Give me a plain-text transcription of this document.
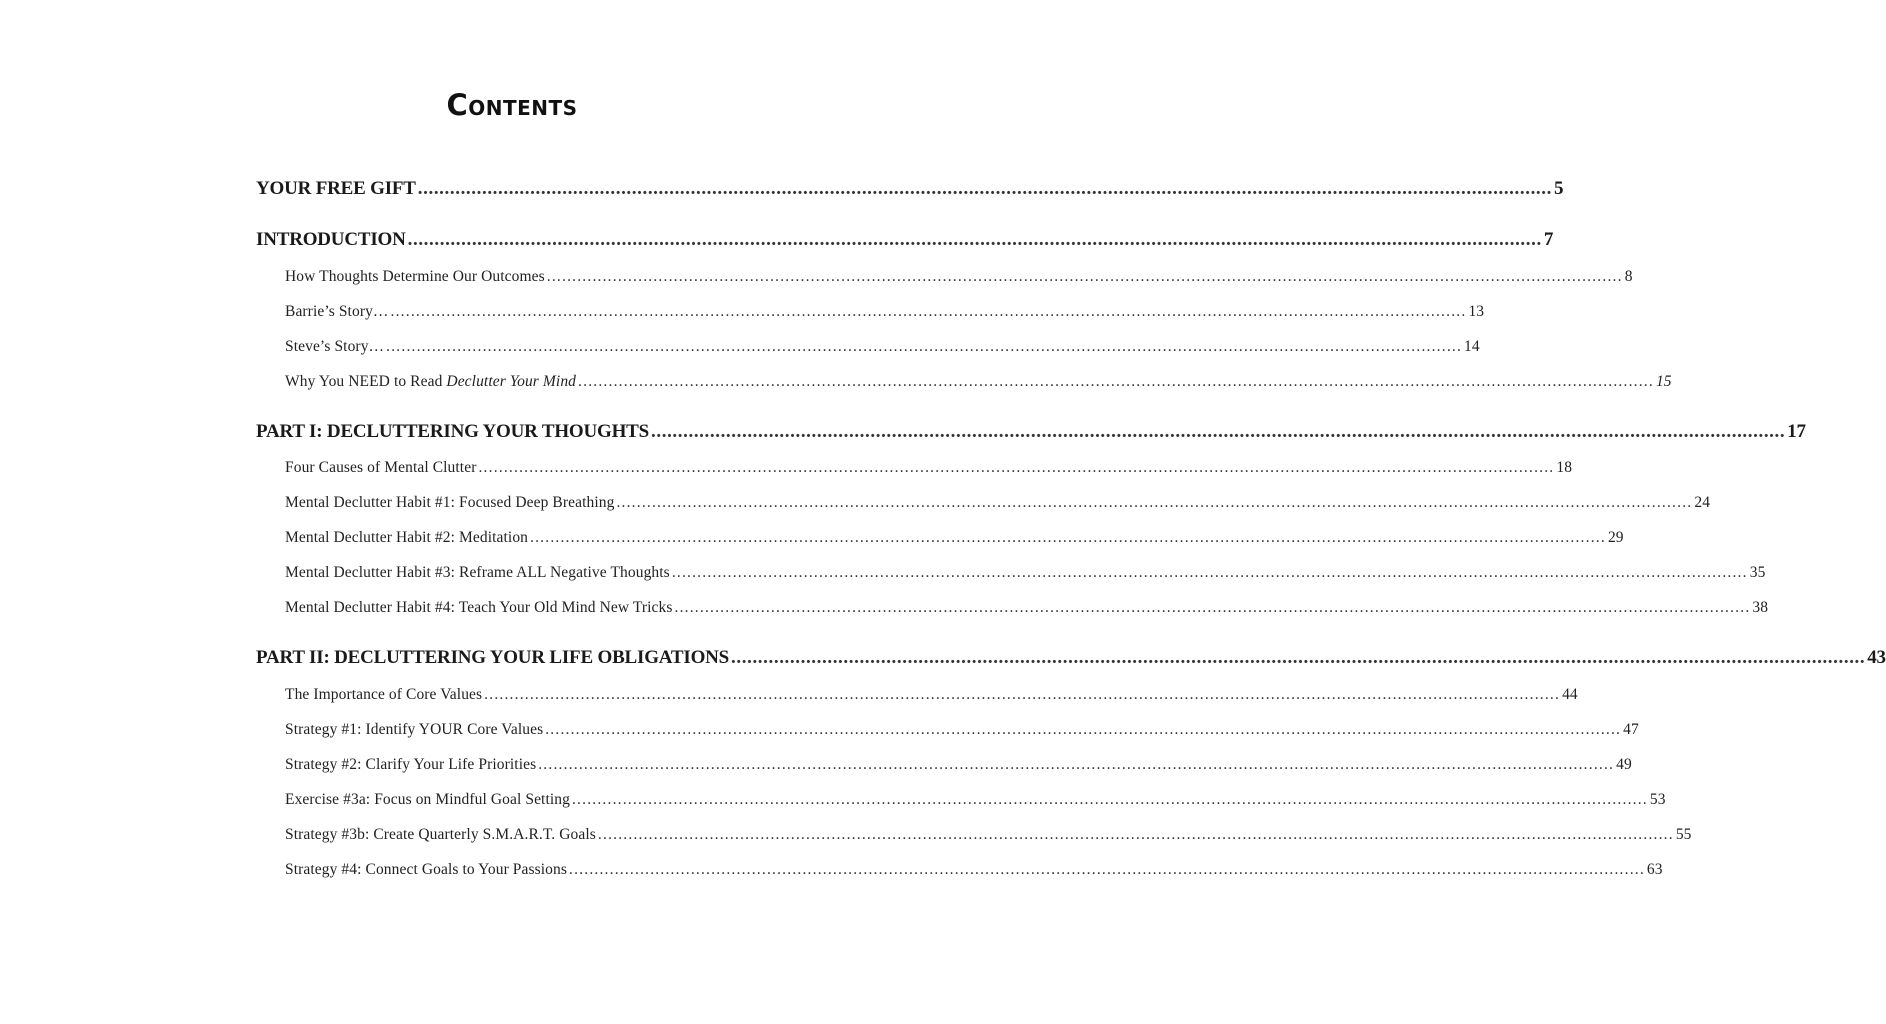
Contents
YOUR FREE GIFT .................................................................................................................................................................................................................... 5
INTRODUCTION .................................................................................................................................................................................................................... 7
How Thoughts Determine Our Outcomes .................................................................................................................................................................................................................... 8
Barrie’s Story… .................................................................................................................................................................................................................... 13
Steve’s Story… .................................................................................................................................................................................................................... 14
Why You NEED to Read Declutter Your Mind .................................................................................................................................................................................................................... 15
PART I: DECLUTTERING YOUR THOUGHTS .................................................................................................................................................................................................................... 17
Four Causes of Mental Clutter .................................................................................................................................................................................................................... 18
Mental Declutter Habit #1: Focused Deep Breathing .................................................................................................................................................................................................................... 24
Mental Declutter Habit #2: Meditation .................................................................................................................................................................................................................... 29
Mental Declutter Habit #3: Reframe ALL Negative Thoughts .................................................................................................................................................................................................................... 35
Mental Declutter Habit #4: Teach Your Old Mind New Tricks .................................................................................................................................................................................................................... 38
PART II: DECLUTTERING YOUR LIFE OBLIGATIONS .................................................................................................................................................................................................................... 43
The Importance of Core Values .................................................................................................................................................................................................................... 44
Strategy #1: Identify YOUR Core Values .................................................................................................................................................................................................................... 47
Strategy #2: Clarify Your Life Priorities .................................................................................................................................................................................................................... 49
Exercise #3a: Focus on Mindful Goal Setting .................................................................................................................................................................................................................... 53
Strategy #3b: Create Quarterly S.M.A.R.T. Goals .................................................................................................................................................................................................................... 55
Strategy #4: Connect Goals to Your Passions .................................................................................................................................................................................................................... 63
